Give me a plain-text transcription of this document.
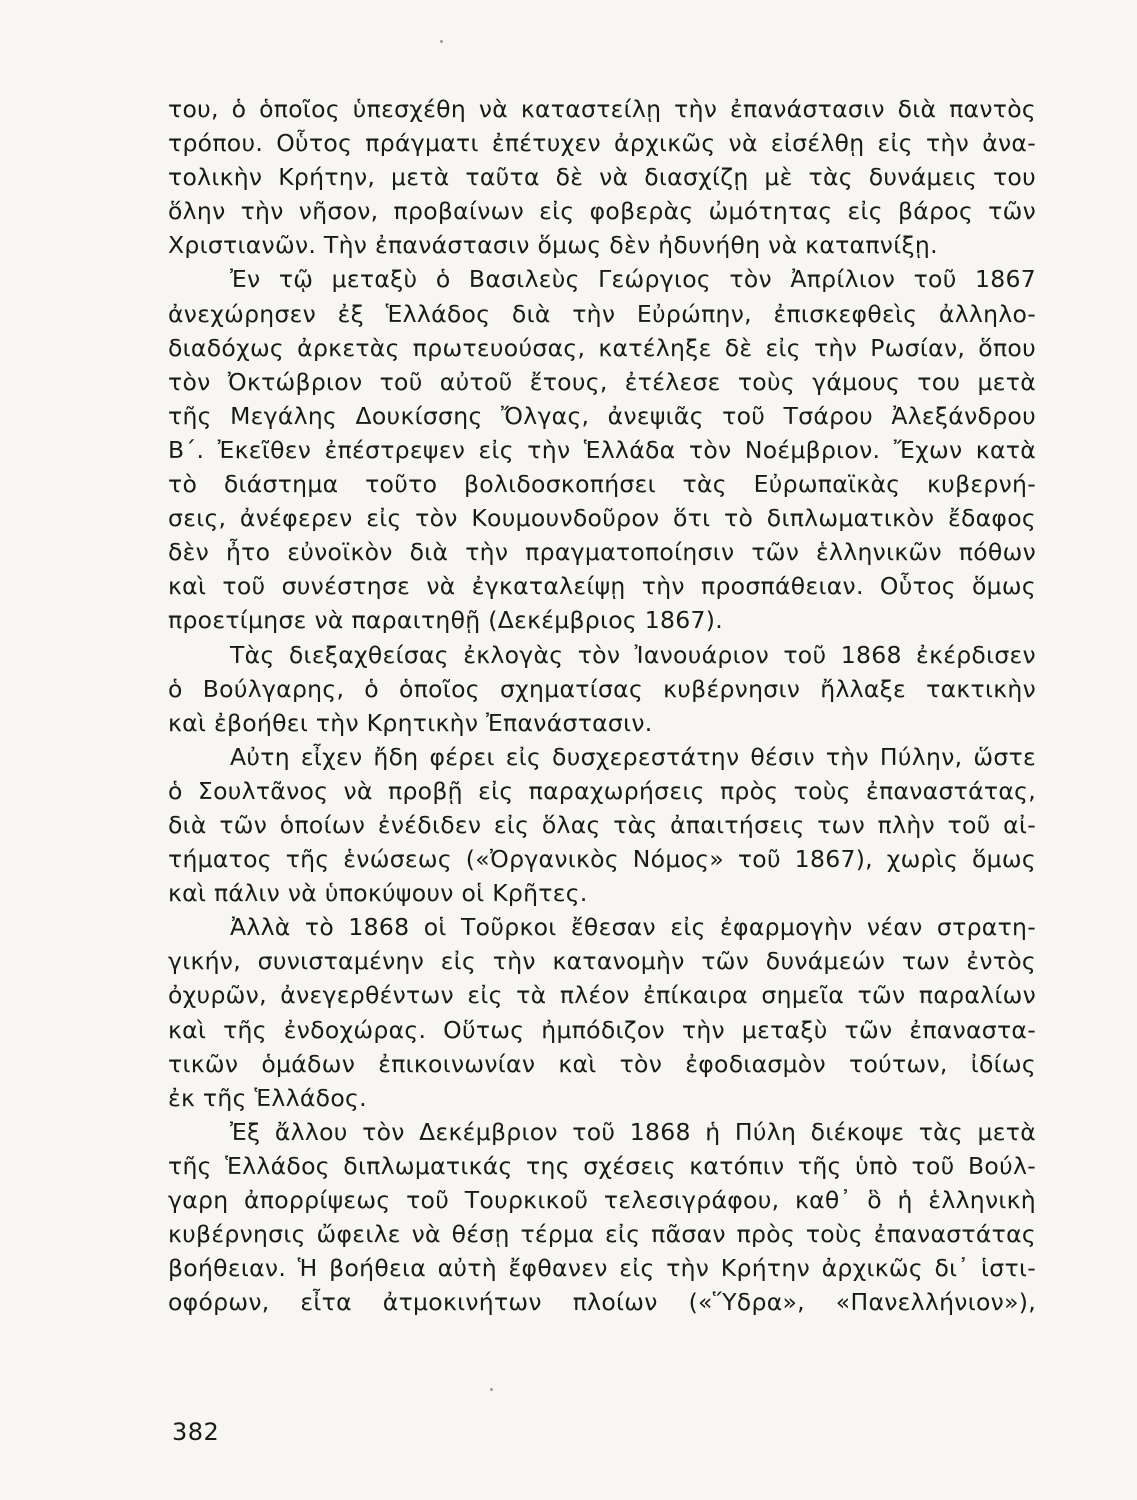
του, ὁ ὁποῖος ὑπεσχέθη νὰ καταστείλῃ τὴν ἐπανάστασιν διὰ παντὸς
τρόπου. Οὗτος πράγματι ἐπέτυχεν ἀρχικῶς νὰ εἰσέλθῃ εἰς τὴν ἀνα-
τολικὴν Κρήτην, μετὰ ταῦτα δὲ νὰ διασχίζῃ μὲ τὰς δυνάμεις του
ὅλην τὴν νῆσον, προβαίνων εἰς φοβερὰς ὠμότητας εἰς βάρος τῶν
Χριστιανῶν. Τὴν ἐπανάστασιν ὅμως δὲν ἠδυνήθη νὰ καταπνίξῃ.
Ἐν τῷ μεταξὺ ὁ Βασιλεὺς Γεώργιος τὸν Ἀπρίλιον τοῦ 1867
ἀνεχώρησεν ἐξ Ἑλλάδος διὰ τὴν Εὐρώπην, ἐπισκεφθεὶς ἀλληλο-
διαδόχως ἀρκετὰς πρωτευούσας, κατέληξε δὲ εἰς τὴν Ρωσίαν, ὅπου
τὸν Ὀκτώβριον τοῦ αὐτοῦ ἔτους, ἐτέλεσε τοὺς γάμους του μετὰ
τῆς Μεγάλης Δουκίσσης Ὄλγας, ἀνεψιᾶς τοῦ Τσάρου Ἀλεξάνδρου
Β΄. Ἐκεῖθεν ἐπέστρεψεν εἰς τὴν Ἑλλάδα τὸν Νοέμβριον. Ἔχων κατὰ
τὸ διάστημα τοῦτο βολιδοσκοπήσει τὰς Εὐρωπαϊκὰς κυβερνή-
σεις, ἀνέφερεν εἰς τὸν Κουμουνδοῦρον ὅτι τὸ διπλωματικὸν ἔδαφος
δὲν ἦτο εὐνοϊκὸν διὰ τὴν πραγματοποίησιν τῶν ἑλληνικῶν πόθων
καὶ τοῦ συνέστησε νὰ ἐγκαταλείψῃ τὴν προσπάθειαν. Οὗτος ὅμως
προετίμησε νὰ παραιτηθῇ (Δεκέμβριος 1867).
Τὰς διεξαχθείσας ἐκλογὰς τὸν Ἰανουάριον τοῦ 1868 ἐκέρδισεν
ὁ Βούλγαρης, ὁ ὁποῖος σχηματίσας κυβέρνησιν ἤλλαξε τακτικὴν
καὶ ἐβοήθει τὴν Κρητικὴν Ἐπανάστασιν.
Αὐτη εἶχεν ἤδη φέρει εἰς δυσχερεστάτην θέσιν τὴν Πύλην, ὥστε
ὁ Σουλτᾶνος νὰ προβῇ εἰς παραχωρήσεις πρὸς τοὺς ἐπαναστάτας,
διὰ τῶν ὁποίων ἐνέδιδεν εἰς ὅλας τὰς ἀπαιτήσεις των πλὴν τοῦ αἰ-
τήματος τῆς ἑνώσεως («Ὀργανικὸς Νόμος» τοῦ 1867), χωρὶς ὅμως
καὶ πάλιν νὰ ὑποκύψουν οἱ Κρῆτες.
Ἀλλὰ τὸ 1868 οἱ Τοῦρκοι ἔθεσαν εἰς ἐφαρμογὴν νέαν στρατη-
γικήν, συνισταμένην εἰς τὴν κατανομὴν τῶν δυνάμεών των ἐντὸς
ὀχυρῶν, ἀνεγερθέντων εἰς τὰ πλέον ἐπίκαιρα σημεῖα τῶν παραλίων
καὶ τῆς ἐνδοχώρας. Οὕτως ἠμπόδιζον τὴν μεταξὺ τῶν ἐπαναστα-
τικῶν ὁμάδων ἐπικοινωνίαν καὶ τὸν ἐφοδιασμὸν τούτων, ἰδίως
ἐκ τῆς Ἑλλάδος.
Ἐξ ἄλλου τὸν Δεκέμβριον τοῦ 1868 ἡ Πύλη διέκοψε τὰς μετὰ
τῆς Ἑλλάδος διπλωματικάς της σχέσεις κατόπιν τῆς ὑπὸ τοῦ Βούλ-
γαρη ἀπορρίψεως τοῦ Τουρκικοῦ τελεσιγράφου, καθ᾽ ὃ ἡ ἑλληνικὴ
κυβέρνησις ὤφειλε νὰ θέσῃ τέρμα εἰς πᾶσαν πρὸς τοὺς ἐπαναστάτας
βοήθειαν. Ἡ βοήθεια αὐτὴ ἔφθανεν εἰς τὴν Κρήτην ἀρχικῶς δι᾽ ἱστι-
οφόρων, εἶτα ἀτμοκινήτων πλοίων («Ὕδρα», «Πανελλήνιον»),
382
